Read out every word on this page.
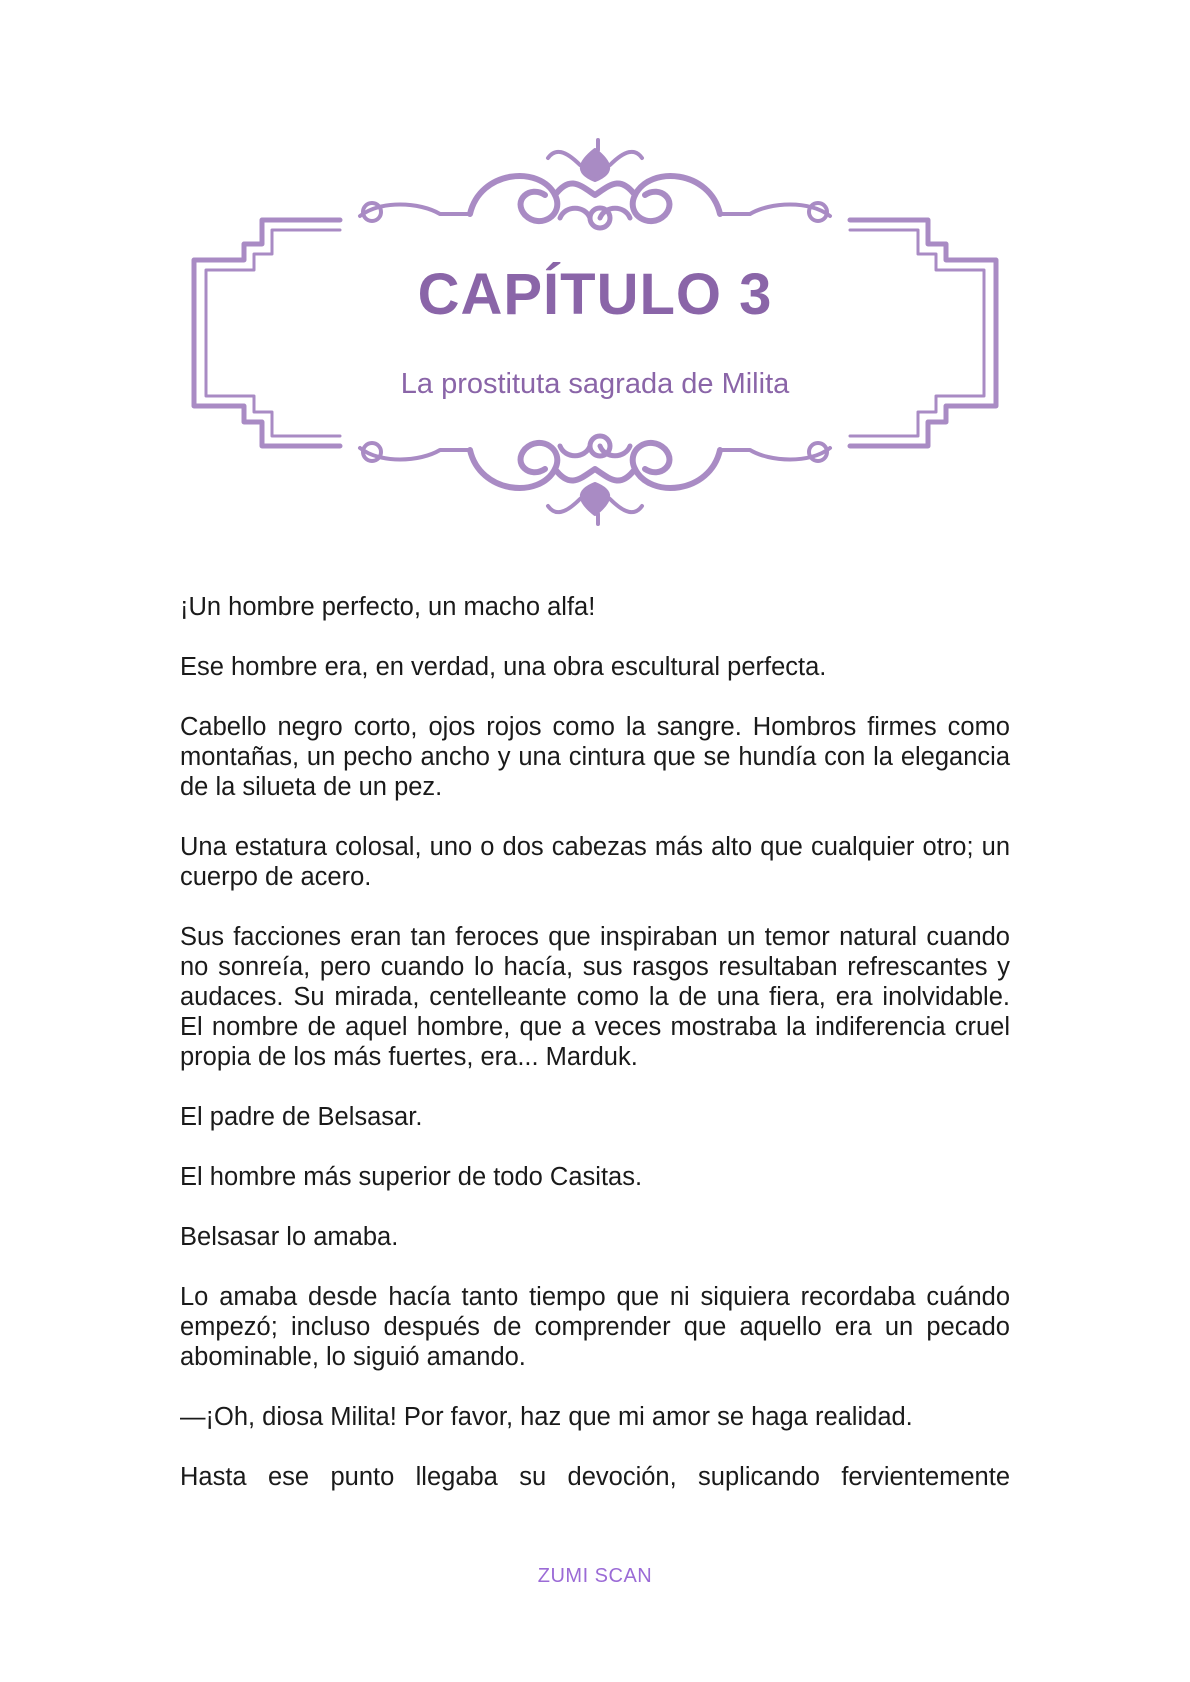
CAPÍTULO 3
La prostituta sagrada de Milita

¡Un hombre perfecto, un macho alfa!

Ese hombre era, en verdad, una obra escultural perfecta.

Cabello negro corto, ojos rojos como la sangre. Hombros firmes como montañas, un pecho ancho y una cintura que se hundía con la elegancia de la silueta de un pez.

Una estatura colosal, uno o dos cabezas más alto que cualquier otro; un cuerpo de acero.

Sus facciones eran tan feroces que inspiraban un temor natural cuando no sonreía, pero cuando lo hacía, sus rasgos resultaban refrescantes y audaces. Su mirada, centelleante como la de una fiera, era inolvidable. El nombre de aquel hombre, que a veces mostraba la indiferencia cruel propia de los más fuertes, era... Marduk.

El padre de Belsasar.

El hombre más superior de todo Casitas.

Belsasar lo amaba.

Lo amaba desde hacía tanto tiempo que ni siquiera recordaba cuándo empezó; incluso después de comprender que aquello era un pecado abominable, lo siguió amando.

—¡Oh, diosa Milita! Por favor, haz que mi amor se haga realidad.

Hasta ese punto llegaba su devoción, suplicando fervientemente

ZUMI SCAN
